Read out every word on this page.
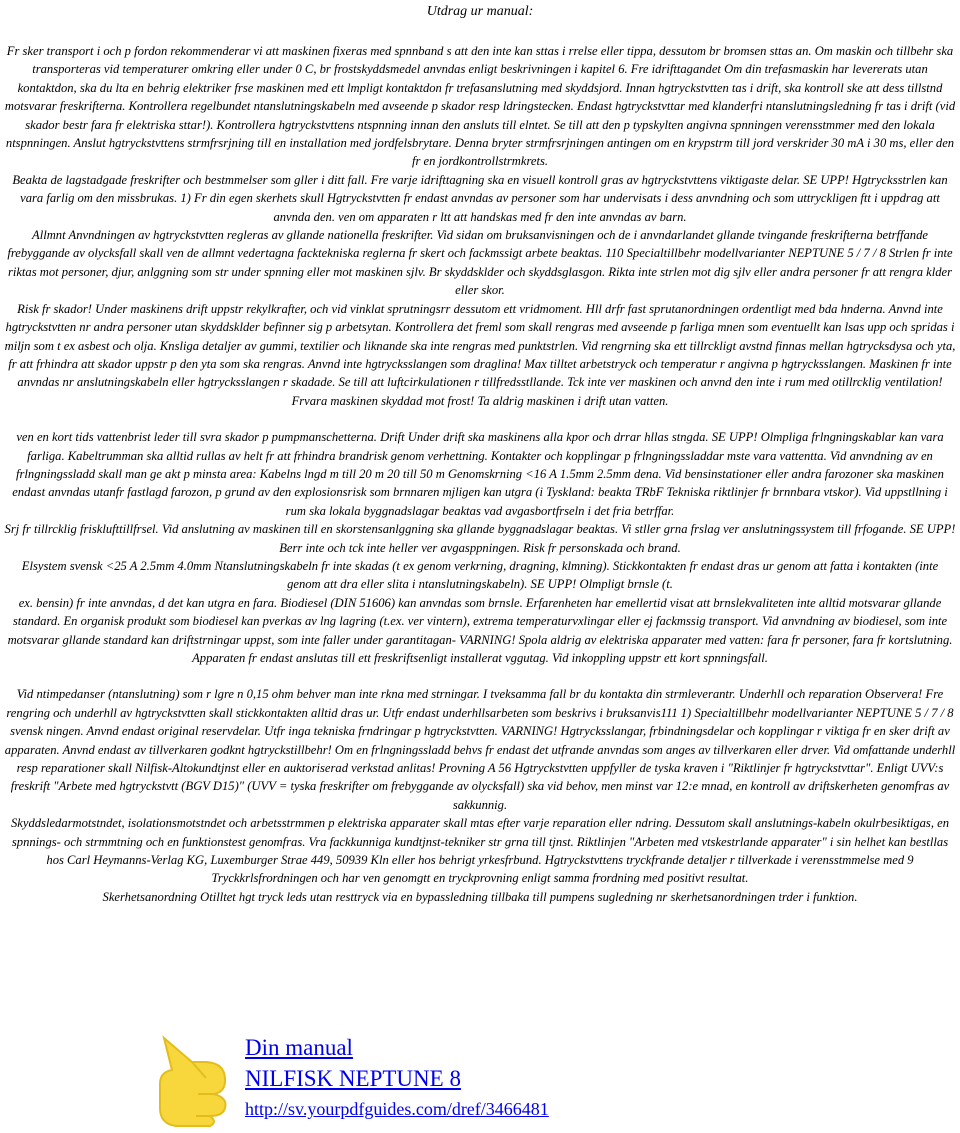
Utdrag ur manual:

Fr sker transport i och p fordon rekommenderar vi att maskinen fixeras med spnnband s att den inte kan sttas i rrelse eller tippa, dessutom br bromsen sttas an. Om maskin och tillbehr ska transporteras vid temperaturer omkring eller under 0 C, br frostskyddsmedel anvndas enligt beskrivningen i kapitel 6. Fre idrifttagandet Om din trefasmaskin har levererats utan kontaktdon, ska du lta en behrig elektriker frse maskinen med ett lmpligt kontaktdon fr trefasanslutning med skyddsjord. Innan hgtryckstvtten tas i drift, ska kontroll ske att dess tillstnd motsvarar freskrifterna. Kontrollera regelbundet ntanslutningskabeln med avseende p skador resp ldringstecken. Endast hgtryckstvttar med klanderfri ntanslutningsledning fr tas i drift (vid skador bestr fara fr elektriska sttar!). Kontrollera hgtryckstvttens ntspnning innan den ansluts till elntet. Se till att den p typskylten angivna spnningen verensstmmer med den lokala ntspnningen. Anslut hgtryckstvttens strmfrsrjning till en installation med jordfelsbrytare. Denna bryter strmfrsrjningen antingen om en krypstrm till jord verskrider 30 mA i 30 ms, eller den fr en jordkontrollstrmkrets.

Beakta de lagstadgade freskrifter och bestmmelser som gller i ditt fall. Fre varje idrifttagning ska en visuell kontroll gras av hgtryckstvttens viktigaste delar. SE UPP! Hgtrycksstrlen kan vara farlig om den missbrukas. 1) Fr din egen skerhets skull Hgtryckstvtten fr endast anvndas av personer som har undervisats i dess anvndning och som uttryckligen ftt i uppdrag att anvnda den. ven om apparaten r ltt att handskas med fr den inte anvndas av barn.

Allmnt Anvndningen av hgtryckstvtten regleras av gllande nationella freskrifter. Vid sidan om bruksanvisningen och de i anvndarlandet gllande tvingande freskrifterna betrffande frebyggande av olycksfall skall ven de allmnt vedertagna facktekniska reglerna fr skert och fackmssigt arbete beaktas. 110 Specialtillbehr modellvarianter NEPTUNE 5 / 7 / 8 Strlen fr inte riktas mot personer, djur, anlggning som str under spnning eller mot maskinen sjlv. Br skyddsklder och skyddsglasgon. Rikta inte strlen mot dig sjlv eller andra personer fr att rengra klder eller skor.

Risk fr skador! Under maskinens drift uppstr rekylkrafter, och vid vinklat sprutningsrr dessutom ett vridmoment. Hll drfr fast sprutanordningen ordentligt med bda hnderna. Anvnd inte hgtryckstvtten nr andra personer utan skyddsklder befinner sig p arbetsytan. Kontrollera det freml som skall rengras med avseende p farliga mnen som eventuellt kan lsas upp och spridas i miljn som t ex asbest och olja. Knsliga detaljer av gummi, textilier och liknande ska inte rengras med punktstrlen. Vid rengrning ska ett tillrckligt avstnd finnas mellan hgtrycksdysa och yta, fr att frhindra att skador uppstr p den yta som ska rengras. Anvnd inte hgtrycksslangen som draglina! Max tilltet arbetstryck och temperatur r angivna p hgtrycksslangen. Maskinen fr inte anvndas nr anslutningskabeln eller hgtrycksslangen r skadade. Se till att luftcirkulationen r tillfredsstllande. Tck inte ver maskinen och anvnd den inte i rum med otillrcklig ventilation! Frvara maskinen skyddad mot frost! Ta aldrig maskinen i drift utan vatten.

ven en kort tids vattenbrist leder till svra skador p pumpmanschetterna. Drift Under drift ska maskinens alla kpor och drrar hllas stngda. SE UPP! Olmpliga frlngningskablar kan vara farliga. Kabeltrumman ska alltid rullas av helt fr att frhindra brandrisk genom verhettning. Kontakter och kopplingar p frlngningssladdar mste vara vattentta. Vid anvndning av en frlngningssladd skall man ge akt p minsta area: Kabelns lngd m till 20 m 20 till 50 m Genomskrning <16 A 1.5mm 2.5mm dena. Vid bensinstationer eller andra farozoner ska maskinen endast anvndas utanfr fastlagd farozon, p grund av den explosionsrisk som brnnaren mjligen kan utgra (i Tyskland: beakta TRbF Tekniska riktlinjer fr brnnbara vtskor). Vid uppstllning i rum ska lokala byggnadslagar beaktas vad avgasbortfrseln i det fria betrffar.

Srj fr tillrcklig frisklufttillfrsel. Vid anslutning av maskinen till en skorstensanlggning ska gllande byggnadslagar beaktas. Vi stller grna frslag ver anslutningssystem till frfogande. SE UPP! Berr inte och tck inte heller ver avgasppningen. Risk fr personskada och brand.

Elsystem svensk <25 A 2.5mm 4.0mm Ntanslutningskabeln fr inte skadas (t ex genom verkrning, dragning, klmning). Stickkontakten fr endast dras ur genom att fatta i kontakten (inte genom att dra eller slita i ntanslutningskabeln). SE UPP! Olmpligt brnsle (t.

ex. bensin) fr inte anvndas, d det kan utgra en fara. Biodiesel (DIN 51606) kan anvndas som brnsle. Erfarenheten har emellertid visat att brnslekvaliteten inte alltid motsvarar gllande standard. En organisk produkt som biodiesel kan pverkas av lng lagring (t.ex. ver vintern), extrema temperaturvxlingar eller ej fackmssig transport. Vid anvndning av biodiesel, som inte motsvarar gllande standard kan driftstrningar uppst, som inte faller under garantitagan- VARNING! Spola aldrig av elektriska apparater med vatten: fara fr personer, fara fr kortslutning. Apparaten fr endast anslutas till ett freskriftsenligt installerat vggutag. Vid inkoppling uppstr ett kort spnningsfall.

Vid ntimpedanser (ntanslutning) som r lgre n 0,15 ohm behver man inte rkna med strningar. I tveksamma fall br du kontakta din strmleverantr. Underhll och reparation Observera! Fre rengring och underhll av hgtryckstvtten skall stickkontakten alltid dras ur. Utfr endast underhllsarbeten som beskrivs i bruksanvis111 1) Specialtillbehr modellvarianter NEPTUNE 5 / 7 / 8 svensk ningen. Anvnd endast original reservdelar. Utfr inga tekniska frndringar p hgtryckstvtten. VARNING! Hgtrycksslangar, frbindningsdelar och kopplingar r viktiga fr en sker drift av apparaten. Anvnd endast av tillverkaren godknt hgtryckstillbehr! Om en frlngningssladd behvs fr endast det utfrande anvndas som anges av tillverkaren eller drver. Vid omfattande underhll resp reparationer skall Nilfisk-Altokundtjnst eller en auktoriserad verkstad anlitas! Provning A 56 Hgtryckstvtten uppfyller de tyska kraven i "Riktlinjer fr hgtryckstvttar". Enligt UVV:s freskrift "Arbete med hgtryckstvtt (BGV D15)" (UVV = tyska freskrifter om frebyggande av olycksfall) ska vid behov, men minst var 12:e mnad, en kontroll av driftskerheten genomfras av sakkunnig.

Skyddsledarmotstndet, isolationsmotstndet och arbetsstrmmen p elektriska apparater skall mtas efter varje reparation eller ndring. Dessutom skall anslutnings-kabeln okulrbesiktigas, en spnnings- och strmmtning och en funktionstest genomfras. Vra fackkunniga kundtjnst-tekniker str grna till tjnst. Riktlinjen "Arbeten med vtskestrlande apparater" i sin helhet kan bestllas hos Carl Heymanns-Verlag KG, Luxemburger Strae 449, 50939 Kln eller hos behrigt yrkesfrbund. Hgtryckstvttens tryckfrande detaljer r tillverkade i verensstmmelse med 9 Tryckkrlsfrordningen och har ven genomgtt en tryckprovning enligt samma frordning med positivt resultat.

Skerhetsanordning Otilltet hgt tryck leds utan resttryck via en bypassledning tillbaka till pumpens sugledning nr skerhetsanordningen trder i funktion.

Din manual
NILFISK NEPTUNE 8
http://sv.yourpdfguides.com/dref/3466481
